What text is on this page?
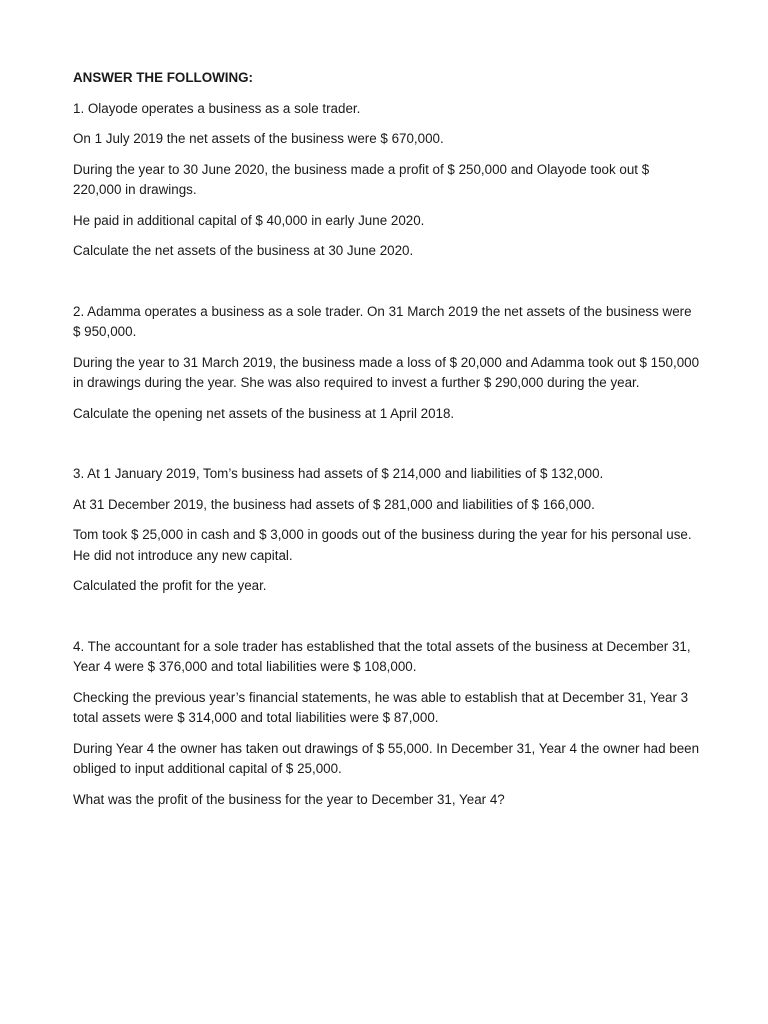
ANSWER THE FOLLOWING:

1. Olayode operates a business as a sole trader.

On 1 July 2019 the net assets of the business were $ 670,000.

During the year to 30 June 2020, the business made a profit of $ 250,000 and Olayode took out $ 220,000 in drawings.

He paid in additional capital of $ 40,000 in early June 2020.

Calculate the net assets of the business at 30 June 2020.

2. Adamma operates a business as a sole trader. On 31 March 2019 the net assets of the business were $ 950,000.

During the year to 31 March 2019, the business made a loss of $ 20,000 and Adamma took out $ 150,000 in drawings during the year. She was also required to invest a further $ 290,000 during the year.

Calculate the opening net assets of the business at 1 April 2018.

3. At 1 January 2019, Tom’s business had assets of $ 214,000 and liabilities of $ 132,000.

At 31 December 2019, the business had assets of $ 281,000 and liabilities of $ 166,000.

Tom took $ 25,000 in cash and $ 3,000 in goods out of the business during the year for his personal use. He did not introduce any new capital.

Calculated the profit for the year.

4. The accountant for a sole trader has established that the total assets of the business at December 31, Year 4 were $ 376,000 and total liabilities were $ 108,000.

Checking the previous year’s financial statements, he was able to establish that at December 31, Year 3 total assets were $ 314,000 and total liabilities were $ 87,000.

During Year 4 the owner has taken out drawings of $ 55,000. In December 31, Year 4 the owner had been obliged to input additional capital of $ 25,000.

What was the profit of the business for the year to December 31, Year 4?
